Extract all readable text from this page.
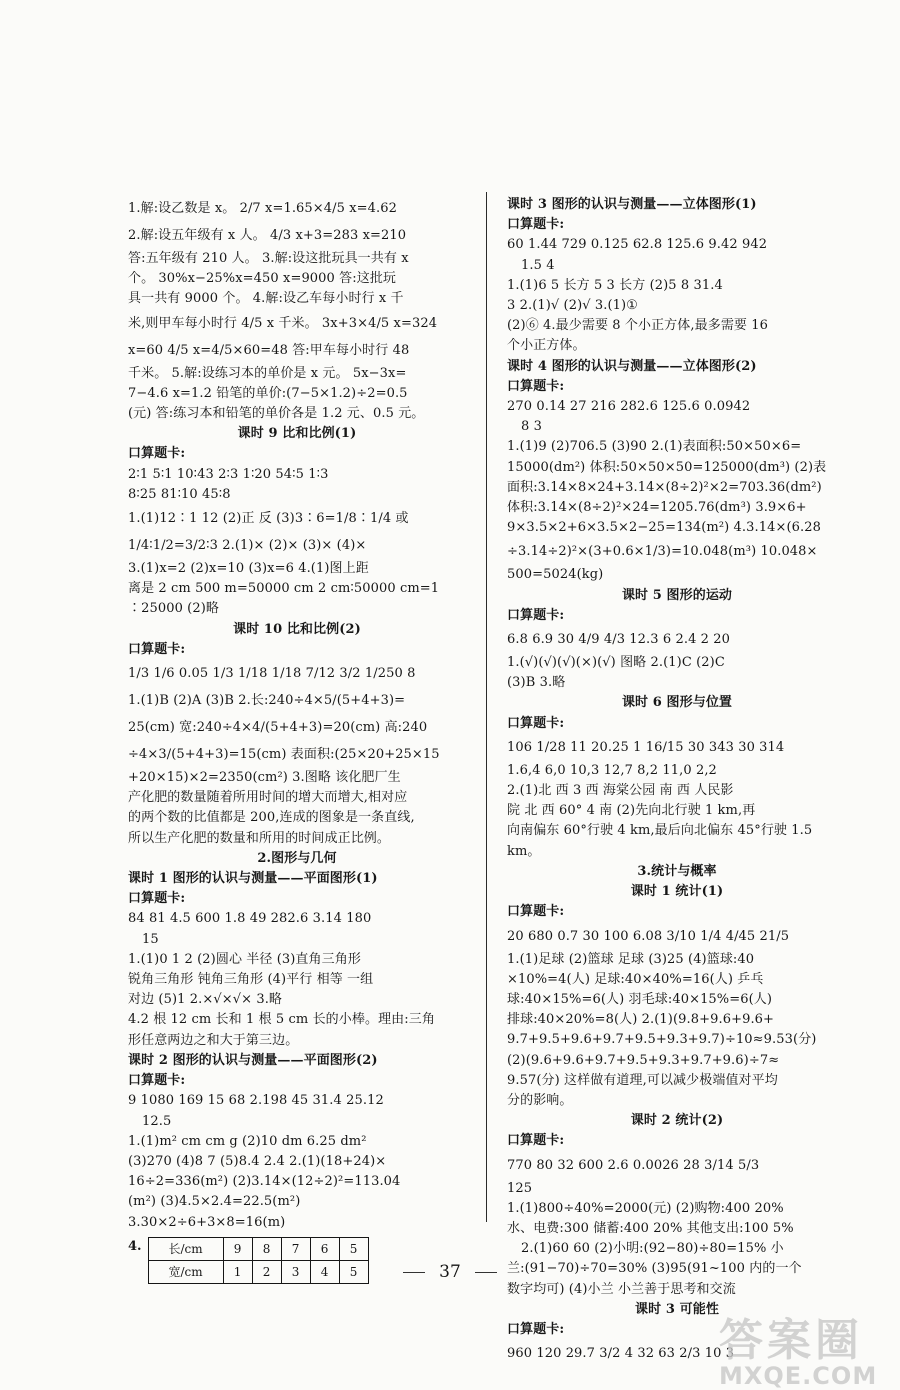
1.解:设乙数是 x。 2/7 x=1.65×4/5 x=4.62

2.解:设五年级有 x 人。 4/3 x+3=283 x=210

答:五年级有 210 人。 3.解:设这批玩具一共有 x

个。 30%x−25%x=450 x=9000 答:这批玩

具一共有 9000 个。 4.解:设乙车每小时行 x 千

米,则甲车每小时行 4/5 x 千米。 3x+3×4/5 x=324

x=60 4/5 x=4/5×60=48 答:甲车每小时行 48

千米。 5.解:设练习本的单价是 x 元。 5x−3x=

7−4.6 x=1.2 铅笔的单价:(7−5×1.2)÷2=0.5

(元) 答:练习本和铅笔的单价各是 1.2 元、0.5 元。

课时 9 比和比例(1)

口算题卡:

2∶1 5∶1 10∶43 2∶3 1∶20 54∶5 1∶3

8∶25 81∶10 45∶8

1.(1)12∶1 12 (2)正 反 (3)3∶6=1/8∶1/4 或

1/4∶1/2=3/2∶3 2.(1)× (2)× (3)× (4)×

3.(1)x=2 (2)x=10 (3)x=6 4.(1)图上距

离是 2 cm 500 m=50000 cm 2 cm∶50000 cm=1

∶25000 (2)略

课时 10 比和比例(2)

口算题卡:

1/3 1/6 0.05 1/3 1/18 1/18 7/12 3/2 1/250 8

1.(1)B (2)A (3)B 2.长:240÷4×5/(5+4+3)=

25(cm) 宽:240÷4×4/(5+4+3)=20(cm) 高:240

÷4×3/(5+4+3)=15(cm) 表面积:(25×20+25×15

+20×15)×2=2350(cm²) 3.图略 该化肥厂生

产化肥的数量随着所用时间的增大而增大,相对应

的两个数的比值都是 200,连成的图象是一条直线,

所以生产化肥的数量和所用的时间成正比例。

2.图形与几何

课时 1 图形的认识与测量——平面图形(1)

口算题卡:

84 81 4.5 600 1.8 49 282.6 3.14 180

15

1.(1)0 1 2 (2)圆心 半径 (3)直角三角形

锐角三角形 钝角三角形 (4)平行 相等 一组

对边 (5)1 2.×√×√× 3.略

4.2 根 12 cm 长和 1 根 5 cm 长的小棒。理由:三角

形任意两边之和大于第三边。

课时 2 图形的认识与测量——平面图形(2)

口算题卡:

9 1080 169 15 68 2.198 45 31.4 25.12

12.5

1.(1)m² cm cm g (2)10 dm 6.25 dm²

(3)270 (4)8 7 (5)8.4 2.4 2.(1)(18+24)×

16÷2=336(m²) (2)3.14×(12÷2)²=113.04

(m²) (3)4.5×2.4=22.5(m²)

3.30×2÷6+3×8=16(m)

4. 长/cm	9	8	7	6	5
宽/cm	1	2	3	4	5

课时 3 图形的认识与测量——立体图形(1)

口算题卡:

60 1.44 729 0.125 62.8 125.6 9.42 942

1.5 4

1.(1)6 5 长方 5 3 长方 (2)5 8 31.4

3 2.(1)√ (2)√ 3.(1)①

(2)⑥ 4.最少需要 8 个小正方体,最多需要 16

个小正方体。

课时 4 图形的认识与测量——立体图形(2)

口算题卡:

270 0.14 27 216 282.6 125.6 0.0942

8 3

1.(1)9 (2)706.5 (3)90 2.(1)表面积:50×50×6=

15000(dm²) 体积:50×50×50=125000(dm³) (2)表

面积:3.14×8×24+3.14×(8÷2)²×2=703.36(dm²)

体积:3.14×(8÷2)²×24=1205.76(dm³) 3.9×6+

9×3.5×2+6×3.5×2−25=134(m²) 4.3.14×(6.28

÷3.14÷2)²×(3+0.6×1/3)=10.048(m³) 10.048×

500=5024(kg)

课时 5 图形的运动

口算题卡:

6.8 6.9 30 4/9 4/3 12.3 6 2.4 2 20

1.(√)(√)(√)(×)(√) 图略 2.(1)C (2)C

(3)B 3.略

课时 6 图形与位置

口算题卡:

106 1/28 11 20.25 1 16/15 30 343 30 314

1.6,4 6,0 10,3 12,7 8,2 11,0 2,2

2.(1)北 西 3 西 海棠公园 南 西 人民影

院 北 西 60° 4 南 (2)先向北行驶 1 km,再

向南偏东 60°行驶 4 km,最后向北偏东 45°行驶 1.5

km。

3.统计与概率

课时 1 统计(1)

口算题卡:

20 680 0.7 30 100 6.08 3/10 1/4 4/45 21/5

1.(1)足球 (2)篮球 足球 (3)25 (4)篮球:40

×10%=4(人) 足球:40×40%=16(人) 乒乓

球:40×15%=6(人) 羽毛球:40×15%=6(人)

排球:40×20%=8(人) 2.(1)(9.8+9.6+9.6+

9.7+9.5+9.6+9.7+9.5+9.3+9.7)÷10≈9.53(分)

(2)(9.6+9.6+9.7+9.5+9.3+9.7+9.6)÷7≈

9.57(分) 这样做有道理,可以减少极端值对平均

分的影响。

课时 2 统计(2)

口算题卡:

770 80 32 600 2.6 0.0026 28 3/14 5/3

125

1.(1)800÷40%=2000(元) (2)购物:400 20%

水、电费:300 储蓄:400 20% 其他支出:100 5%

2.(1)60 60 (2)小明:(92−80)÷80=15% 小

兰:(91−70)÷70=30% (3)95(91~100 内的一个

数字均可) (4)小兰 小兰善于思考和交流

课时 3 可能性

口算题卡:

960 120 29.7 3/2 4 32 63 2/3 10 3

37
答案圈
MXQE.COM
